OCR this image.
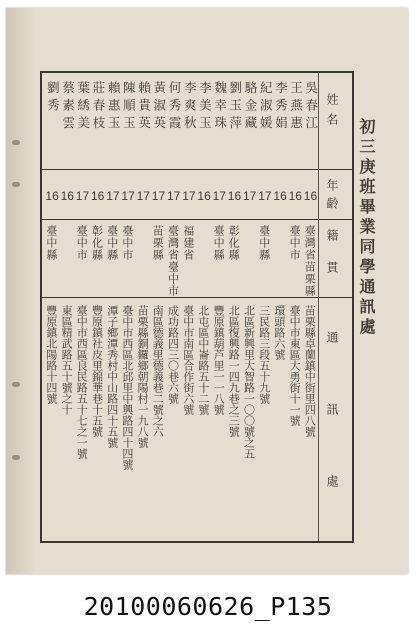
初三庚班畢業同學通訊處
姓名
年齡
籍貫
通訊處
吳春江
16
臺灣省苗栗縣
苗栗縣卓蘭鎮中街里四八號
王燕惠
16
臺中市
臺中市東區大勇街十一號
李秀娟
16
環頭路六號
紀淑媛
17
臺中縣
三民路三段五十九號
駱金藏
17
北區新興里大智路一〇〇號之五
劉玉萍
16
彰化縣
北區復興路一四九巷之三號
魏幸珠
17
臺中縣
豐原鎮葫芦里一一八號
李美玉
16
北屯區中崙路五十二號
李爽秋
17
福建省
臺中市南區合作街六號
何秀霞
17
臺灣省臺中市
成功路四三〇巷六號
黃淑英
17
苗栗縣
南區德義里德義巷二號之六
賴貴英
17
苗栗縣銅鑼鄉朝陽村一九八號
陳順玉
17
臺中市
臺中市西區北邱里中興路四十四號
賴惠玉
17
臺中縣
潭子鄉潭秀村中山路四十五號
莊春枝
16
彰化縣
豐原鎮社皮里錦華巷十五號
葉綉美
17
臺中市
臺中市西區良民路五十七之一號
蔡素雲
16
東區精武路五十號之十
劉秀
16
臺中縣
豐原鎮北陽路十四號
20100060626_P135
